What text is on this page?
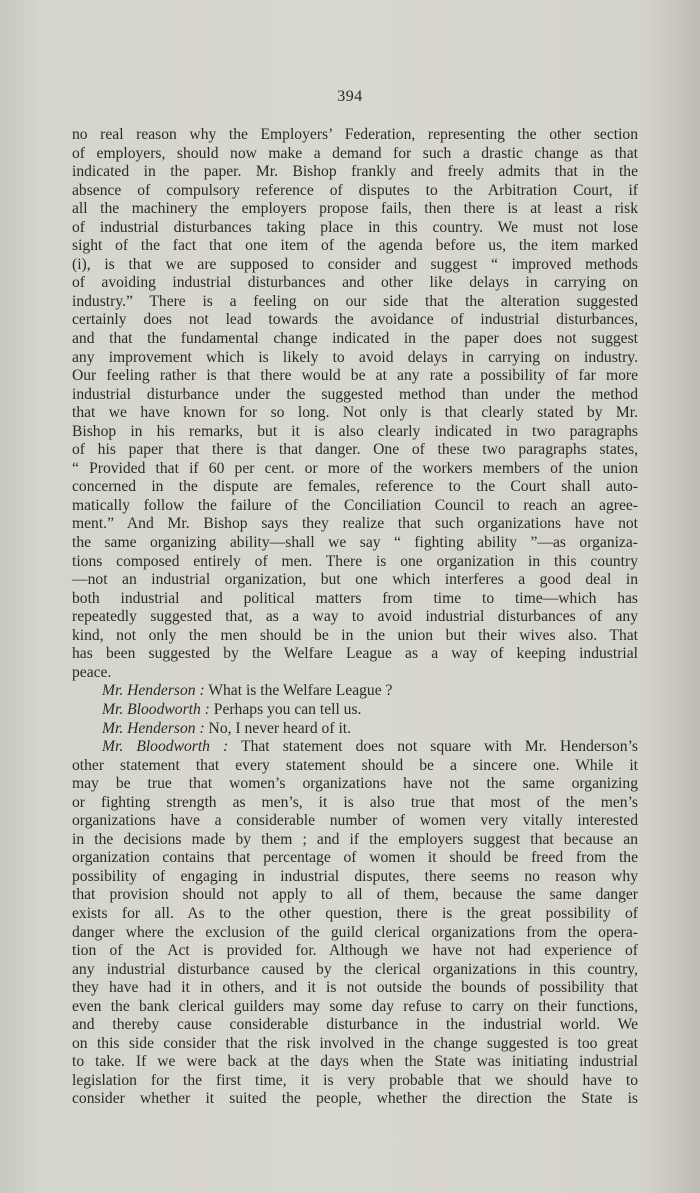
394
no real reason why the Employers’ Federation, representing the other section
of employers, should now make a demand for such a drastic change as that
indicated in the paper. Mr. Bishop frankly and freely admits that in the
absence of compulsory reference of disputes to the Arbitration Court, if
all the machinery the employers propose fails, then there is at least a risk
of industrial disturbances taking place in this country. We must not lose
sight of the fact that one item of the agenda before us, the item marked
(i), is that we are supposed to consider and suggest “ improved methods
of avoiding industrial disturbances and other like delays in carrying on
industry.” There is a feeling on our side that the alteration suggested
certainly does not lead towards the avoidance of industrial disturbances,
and that the fundamental change indicated in the paper does not suggest
any improvement which is likely to avoid delays in carrying on industry.
Our feeling rather is that there would be at any rate a possibility of far more
industrial disturbance under the suggested method than under the method
that we have known for so long. Not only is that clearly stated by Mr.
Bishop in his remarks, but it is also clearly indicated in two paragraphs
of his paper that there is that danger. One of these two paragraphs states,
“ Provided that if 60 per cent. or more of the workers members of the union
concerned in the dispute are females, reference to the Court shall auto-
matically follow the failure of the Conciliation Council to reach an agree-
ment.” And Mr. Bishop says they realize that such organizations have not
the same organizing ability—shall we say “ fighting ability ”—as organiza-
tions composed entirely of men. There is one organization in this country
—not an industrial organization, but one which interferes a good deal in
both industrial and political matters from time to time—which has
repeatedly suggested that, as a way to avoid industrial disturbances of any
kind, not only the men should be in the union but their wives also. That
has been suggested by the Welfare League as a way of keeping industrial
peace.
Mr. Henderson : What is the Welfare League ?
Mr. Bloodworth : Perhaps you can tell us.
Mr. Henderson : No, I never heard of it.
Mr. Bloodworth : That statement does not square with Mr. Henderson’s
other statement that every statement should be a sincere one. While it
may be true that women’s organizations have not the same organizing
or fighting strength as men’s, it is also true that most of the men’s
organizations have a considerable number of women very vitally interested
in the decisions made by them ; and if the employers suggest that because an
organization contains that percentage of women it should be freed from the
possibility of engaging in industrial disputes, there seems no reason why
that provision should not apply to all of them, because the same danger
exists for all. As to the other question, there is the great possibility of
danger where the exclusion of the guild clerical organizations from the opera-
tion of the Act is provided for. Although we have not had experience of
any industrial disturbance caused by the clerical organizations in this country,
they have had it in others, and it is not outside the bounds of possibility that
even the bank clerical guilders may some day refuse to carry on their functions,
and thereby cause considerable disturbance in the industrial world. We
on this side consider that the risk involved in the change suggested is too great
to take. If we were back at the days when the State was initiating industrial
legislation for the first time, it is very probable that we should have to
consider whether it suited the people, whether the direction the State is
